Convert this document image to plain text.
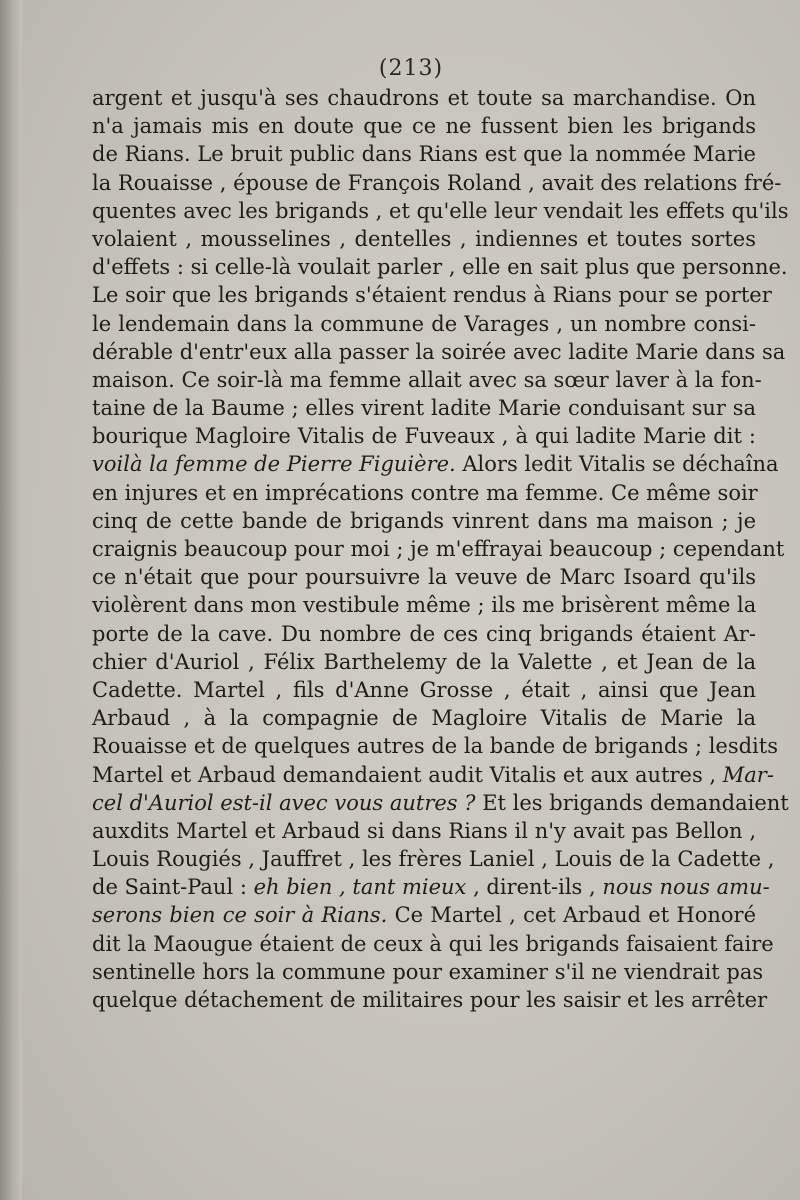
(213)
argent et jusqu'à ses chaudrons et toute sa marchandise. On
n'a jamais mis en doute que ce ne fussent bien les brigands
de Rians. Le bruit public dans Rians est que la nommée Marie
la Rouaisse , épouse de François Roland , avait des relations fré-
quentes avec les brigands , et qu'elle leur vendait les effets qu'ils
volaient , mousselines , dentelles , indiennes et toutes sortes
d'effets : si celle-là voulait parler , elle en sait plus que personne.
Le soir que les brigands s'étaient rendus à Rians pour se porter
le lendemain dans la commune de Varages , un nombre consi-
dérable d'entr'eux alla passer la soirée avec ladite Marie dans sa
maison. Ce soir-là ma femme allait avec sa sœur laver à la fon-
taine de la Baume ; elles virent ladite Marie conduisant sur sa
bourique Magloire Vitalis de Fuveaux , à qui ladite Marie dit :
voilà la femme de Pierre Figuière. Alors ledit Vitalis se déchaîna
en injures et en imprécations contre ma femme. Ce même soir
cinq de cette bande de brigands vinrent dans ma maison ; je
craignis beaucoup pour moi ; je m'effrayai beaucoup ; cependant
ce n'était que pour poursuivre la veuve de Marc Isoard qu'ils
violèrent dans mon vestibule même ; ils me brisèrent même la
porte de la cave. Du nombre de ces cinq brigands étaient Ar-
chier d'Auriol , Félix Barthelemy de la Valette , et Jean de la
Cadette. Martel , fils d'Anne Grosse , était , ainsi que Jean
Arbaud , à la compagnie de Magloire Vitalis de Marie la
Rouaisse et de quelques autres de la bande de brigands ; lesdits
Martel et Arbaud demandaient audit Vitalis et aux autres , Mar-
cel d'Auriol est-il avec vous autres ? Et les brigands demandaient
auxdits Martel et Arbaud si dans Rians il n'y avait pas Bellon ,
Louis Rougiés , Jauffret , les frères Laniel , Louis de la Cadette ,
de Saint-Paul : eh bien , tant mieux , dirent-ils , nous nous amu-
serons bien ce soir à Rians. Ce Martel , cet Arbaud et Honoré
dit la Maougue étaient de ceux à qui les brigands faisaient faire
sentinelle hors la commune pour examiner s'il ne viendrait pas
quelque détachement de militaires pour les saisir et les arrêter
